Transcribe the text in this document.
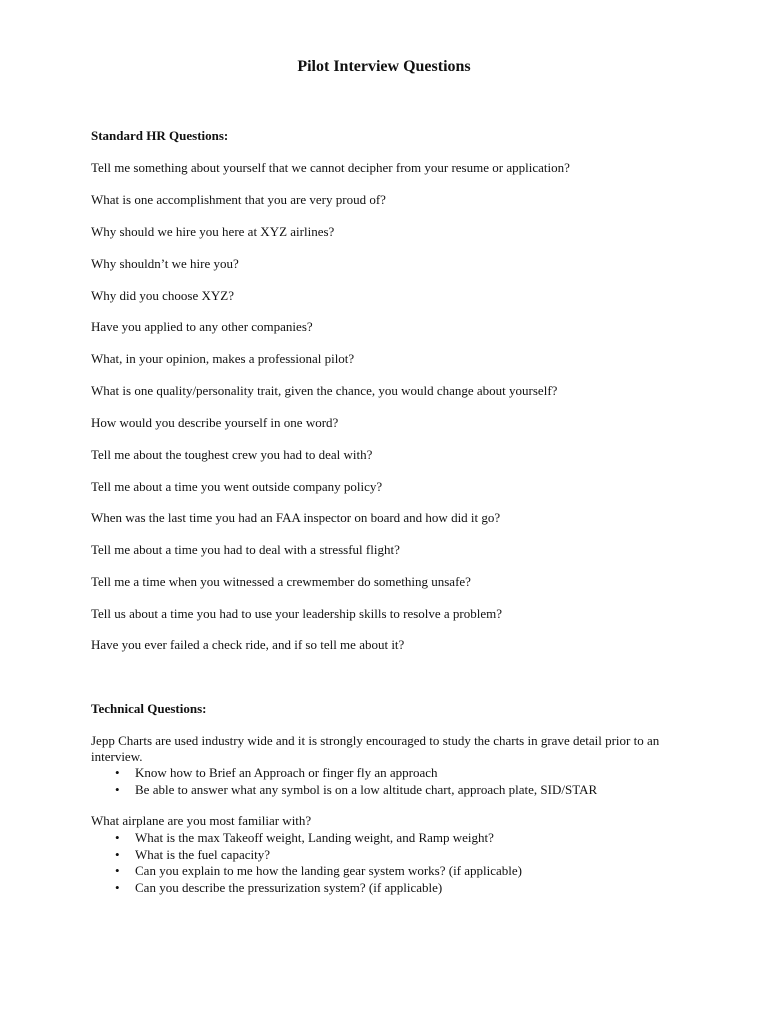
Pilot Interview Questions
Standard HR Questions:
Tell me something about yourself that we cannot decipher from your resume or application?
What is one accomplishment that you are very proud of?
Why should we hire you here at XYZ airlines?
Why shouldn’t we hire you?
Why did you choose XYZ?
Have you applied to any other companies?
What, in your opinion, makes a professional pilot?
What is one quality/personality trait, given the chance, you would change about yourself?
How would you describe yourself in one word?
Tell me about the toughest crew you had to deal with?
Tell me about a time you went outside company policy?
When was the last time you had an FAA inspector on board and how did it go?
Tell me about a time you had to deal with a stressful flight?
Tell me a time when you witnessed a crewmember do something unsafe?
Tell us about a time you had to use your leadership skills to resolve a problem?
Have you ever failed a check ride, and if so tell me about it?
Technical Questions:
Jepp Charts are used industry wide and it is strongly encouraged to study the charts in grave detail prior to an interview.
• Know how to Brief an Approach or finger fly an approach
• Be able to answer what any symbol is on a low altitude chart, approach plate, SID/STAR
What airplane are you most familiar with?
• What is the max Takeoff weight, Landing weight, and Ramp weight?
• What is the fuel capacity?
• Can you explain to me how the landing gear system works? (if applicable)
• Can you describe the pressurization system? (if applicable)
